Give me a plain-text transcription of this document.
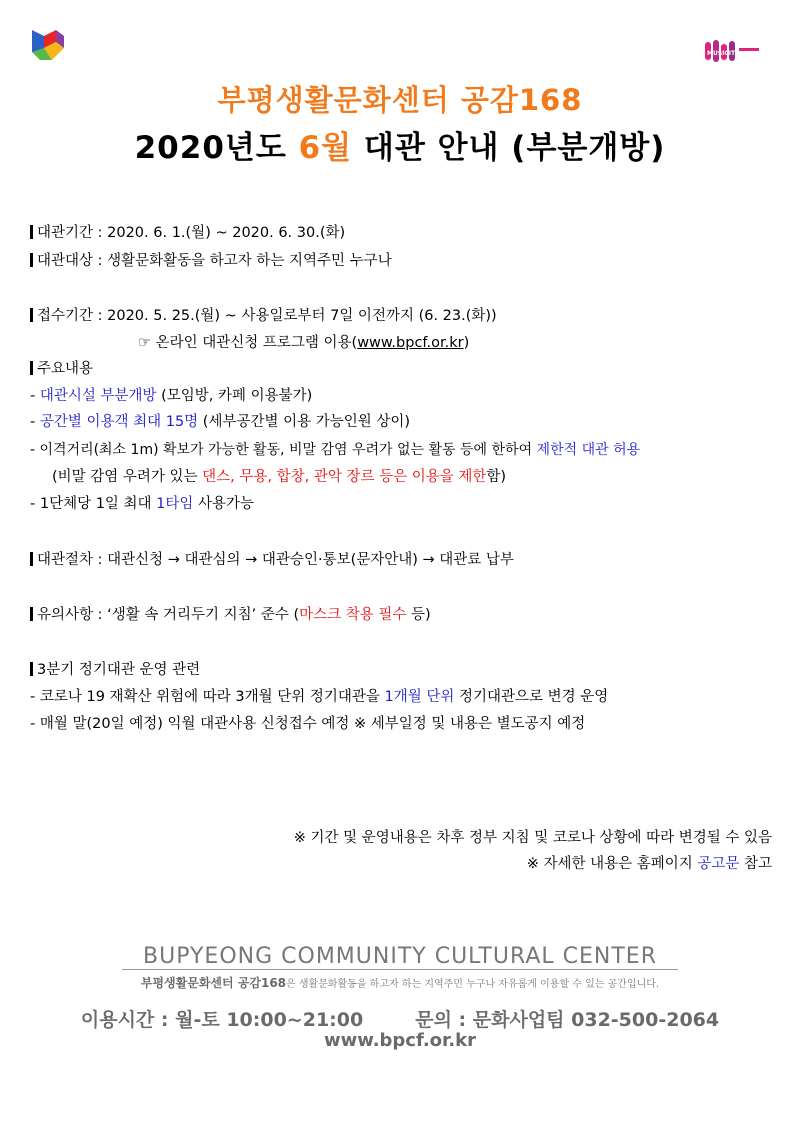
MUSICITY
부평생활문화센터 공감168
2020년도 6월 대관 안내 (부분개방)
대관기간 : 2020. 6. 1.(월) ~ 2020. 6. 30.(화)
대관대상 : 생활문화활동을 하고자 하는 지역주민 누구나
접수기간 : 2020. 5. 25.(월) ~ 사용일로부터 7일 이전까지 (6. 23.(화))
☞ 온라인 대관신청 프로그램 이용(www.bpcf.or.kr)
주요내용
- 대관시설 부분개방 (모임방, 카페 이용불가)
- 공간별 이용객 최대 15명 (세부공간별 이용 가능인원 상이)
- 이격거리(최소 1m) 확보가 가능한 활동, 비말 감염 우려가 없는 활동 등에 한하여 제한적 대관 허용
(비말 감염 우려가 있는 댄스, 무용, 합창, 관악 장르 등은 이용을 제한함)
- 1단체당 1일 최대 1타임 사용가능
대관절차 : 대관신청 → 대관심의 → 대관승인·통보(문자안내) → 대관료 납부
유의사항 : ‘생활 속 거리두기 지침’ 준수 (마스크 착용 필수 등)
3분기 정기대관 운영 관련
- 코로나 19 재확산 위험에 따라 3개월 단위 정기대관을 1개월 단위 정기대관으로 변경 운영
- 매월 말(20일 예정) 익월 대관사용 신청접수 예정 ※ 세부일정 및 내용은 별도공지 예정
※ 기간 및 운영내용은 차후 정부 지침 및 코로나 상황에 따라 변경될 수 있음
※ 자세한 내용은 홈페이지 공고문 참고
BUPYEONG COMMUNITY CULTURAL CENTER
부평생활문화센터 공감168은 생활문화활동을 하고자 하는 지역주민 누구나 자유롭게 이용할 수 있는 공간입니다.
이용시간 : 월-토 10:00~21:00	문의 : 문화사업팀 032-500-2064
www.bpcf.or.kr
